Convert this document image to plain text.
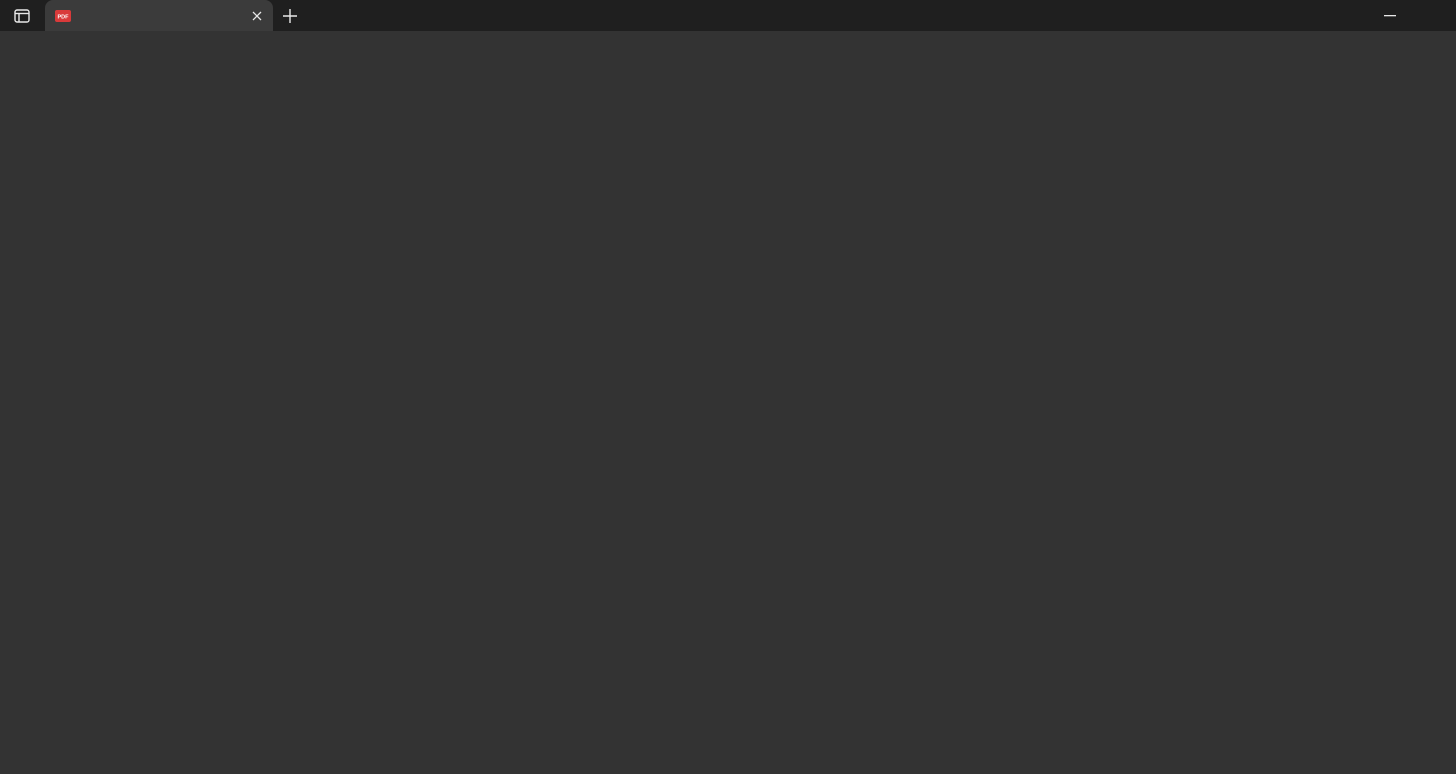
PDF
